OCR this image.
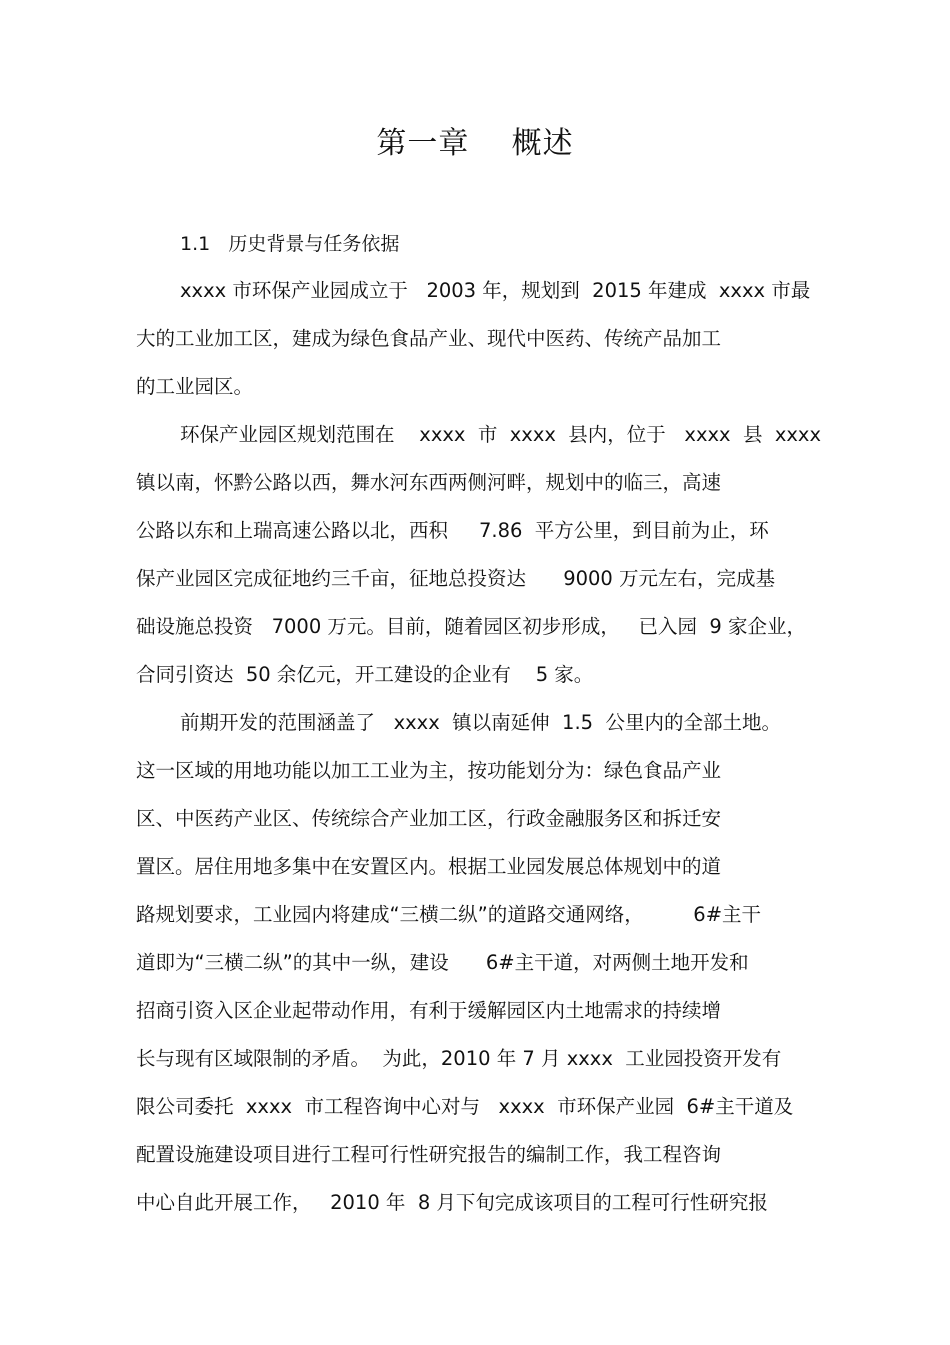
第一章    概述
1.1   历史背景与任务依据
xxxx 市环保产业园成立于   2003 年，规划到  2015 年建成  xxxx 市最
大的工业加工区，建成为绿色食品产业、现代中医药、传统产品加工
的工业园区。
环保产业园区规划范围在    xxxx  市  xxxx  县内，位于   xxxx  县  xxxx
镇以南，怀黔公路以西，舞水河东西两侧河畔，规划中的临三，高速
公路以东和上瑞高速公路以北，西积     7.86  平方公里，到目前为止，环
保产业园区完成征地约三千亩，征地总投资达      9000 万元左右，完成基
础设施总投资   7000 万元。目前，随着园区初步形成，   已入园  9 家企业，
合同引资达  50 余亿元，开工建设的企业有    5 家。
前期开发的范围涵盖了   xxxx  镇以南延伸  1.5  公里内的全部土地。
这一区域的用地功能以加工工业为主，按功能划分为：绿色食品产业
区、中医药产业区、传统综合产业加工区，行政金融服务区和拆迁安
置区。居住用地多集中在安置区内。根据工业园发展总体规划中的道
路规划要求，工业园内将建成“三横二纵”的道路交通网络，        6#主干
道即为“三横二纵”的其中一纵，建设      6#主干道，对两侧土地开发和
招商引资入区企业起带动作用，有利于缓解园区内土地需求的持续增
长与现有区域限制的矛盾。  为此，2010 年 7 月 xxxx  工业园投资开发有
限公司委托  xxxx  市工程咨询中心对与   xxxx  市环保产业园  6#主干道及
配置设施建设项目进行工程可行性研究报告的编制工作，我工程咨询
中心自此开展工作，   2010 年  8 月下旬完成该项目的工程可行性研究报
